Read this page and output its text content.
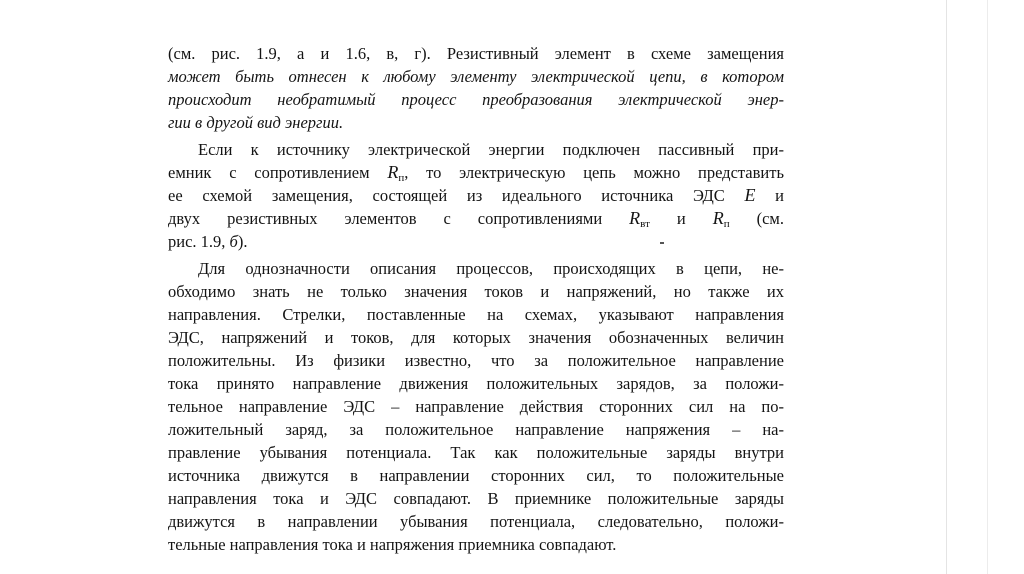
(см. рис. 1.9, а и 1.6, в, г). Резистивный элемент в схеме замещения
может быть отнесен к любому элементу электрической цепи, в котором
происходит необратимый процесс преобразования электрической энер-
гии в другой вид энергии.
Если к источнику электрической энергии подключен пассивный при-
емник с сопротивлением $R_п$, то электрическую цепь можно представить
ее схемой замещения, состоящей из идеального источника ЭДС E и
двух резистивных элементов с сопротивлениями $R_{вт}$ и $R_п$ (см.
рис. 1.9, б).
Для однозначности описания процессов, происходящих в цепи, не-
обходимо знать не только значения токов и напряжений, но также их
направления. Стрелки, поставленные на схемах, указывают направления
ЭДС, напряжений и токов, для которых значения обозначенных величин
положительны. Из физики известно, что за положительное направление
тока принято направление движения положительных зарядов, за положи-
тельное направление ЭДС – направление действия сторонних сил на по-
ложительный заряд, за положительное направление напряжения – на-
правление убывания потенциала. Так как положительные заряды внутри
источника движутся в направлении сторонних сил, то положительные
направления тока и ЭДС совпадают. В приемнике положительные заряды
движутся в направлении убывания потенциала, следовательно, положи-
тельные направления тока и напряжения приемника совпадают.
